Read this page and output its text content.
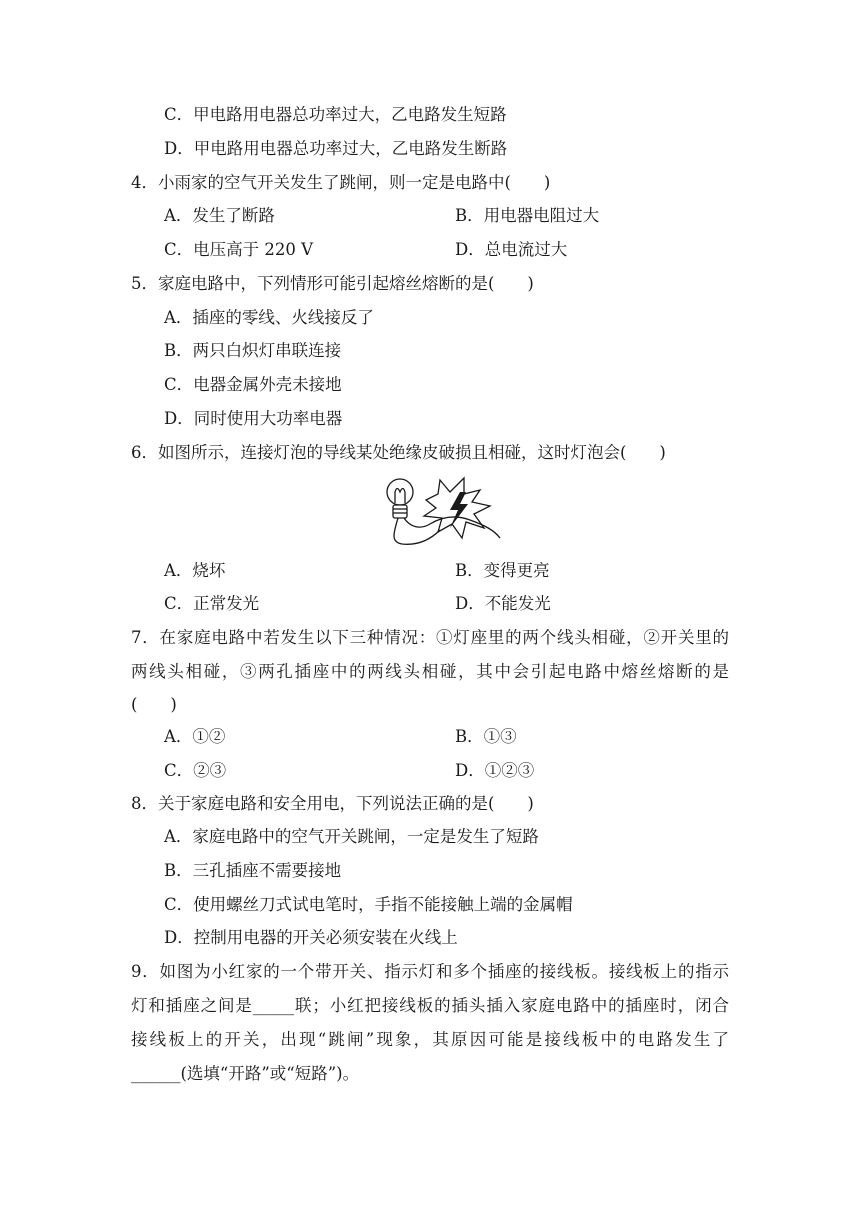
C．甲电路用电器总功率过大，乙电路发生短路
D．甲电路用电器总功率过大，乙电路发生断路
4．小雨家的空气开关发生了跳闸，则一定是电路中(　　)
A．发生了断路	B．用电器电阻过大
C．电压高于 220 V	D．总电流过大
5．家庭电路中，下列情形可能引起熔丝熔断的是(　　)
A．插座的零线、火线接反了
B．两只白炽灯串联连接
C．电器金属外壳未接地
D．同时使用大功率电器
6．如图所示，连接灯泡的导线某处绝缘皮破损且相碰，这时灯泡会(　　)
A．烧坏	B．变得更亮
C．正常发光	D．不能发光
7．在家庭电路中若发生以下三种情况：①灯座里的两个线头相碰，②开关里的
两线头相碰，③两孔插座中的两线头相碰，其中会引起电路中熔丝熔断的是
(　　)
A．①②	B．①③
C．②③	D．①②③
8．关于家庭电路和安全用电，下列说法正确的是(　　)
A．家庭电路中的空气开关跳闸，一定是发生了短路
B．三孔插座不需要接地
C．使用螺丝刀式试电笔时，手指不能接触上端的金属帽
D．控制用电器的开关必须安装在火线上
9．如图为小红家的一个带开关、指示灯和多个插座的接线板。接线板上的指示
灯和插座之间是_____联；小红把接线板的插头插入家庭电路中的插座时，闭合
接线板上的开关，出现“跳闸”现象，其原因可能是接线板中的电路发生了
______(选填“开路”或“短路”)。
